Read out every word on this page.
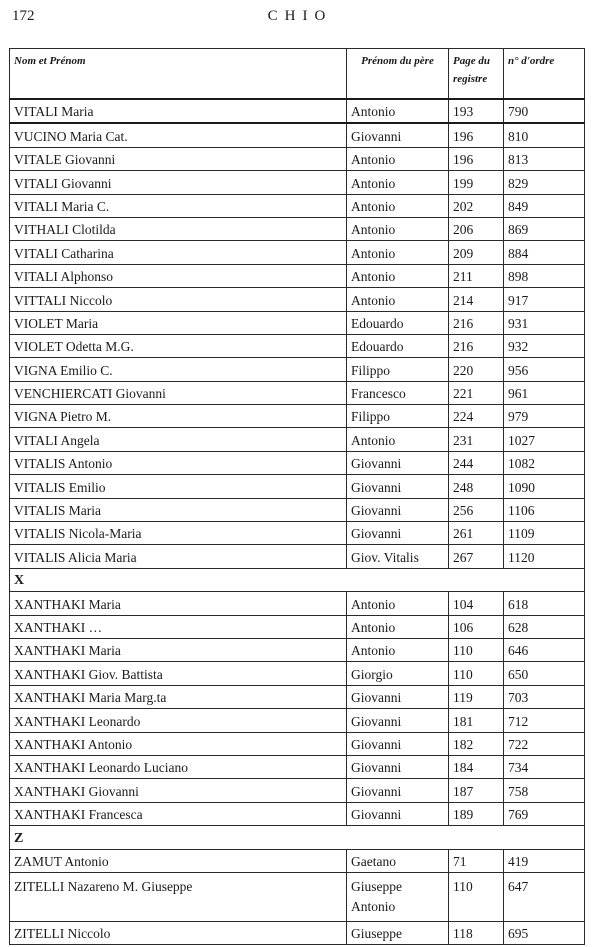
172	CHIO
Nom et Prénom	Prénom du père	Page du registre	n° d'ordre
VITALI Maria	Antonio	193	790
VUCINO Maria Cat.	Giovanni	196	810
VITALE Giovanni	Antonio	196	813
VITALI Giovanni	Antonio	199	829
VITALI Maria C.	Antonio	202	849
VITHALI Clotilda	Antonio	206	869
VITALI Catharina	Antonio	209	884
VITALI Alphonso	Antonio	211	898
VITTALI Niccolo	Antonio	214	917
VIOLET Maria	Edouardo	216	931
VIOLET Odetta M.G.	Edouardo	216	932
VIGNA Emilio C.	Filippo	220	956
VENCHIERCATI Giovanni	Francesco	221	961
VIGNA Pietro M.	Filippo	224	979
VITALI Angela	Antonio	231	1027
VITALIS Antonio	Giovanni	244	1082
VITALIS Emilio	Giovanni	248	1090
VITALIS Maria	Giovanni	256	1106
VITALIS Nicola-Maria	Giovanni	261	1109
VITALIS Alicia Maria	Giov. Vitalis	267	1120
X			
XANTHAKI Maria	Antonio	104	618
XANTHAKI …	Antonio	106	628
XANTHAKI Maria	Antonio	110	646
XANTHAKI Giov. Battista	Giorgio	110	650
XANTHAKI Maria Marg.ta	Giovanni	119	703
XANTHAKI Leonardo	Giovanni	181	712
XANTHAKI Antonio	Giovanni	182	722
XANTHAKI Leonardo Luciano	Giovanni	184	734
XANTHAKI Giovanni	Giovanni	187	758
XANTHAKI Francesca	Giovanni	189	769
Z			
ZAMUT Antonio	Gaetano	71	419
ZITELLI Nazareno M. Giuseppe	Giuseppe Antonio	110	647
ZITELLI Niccolo	Giuseppe	118	695
